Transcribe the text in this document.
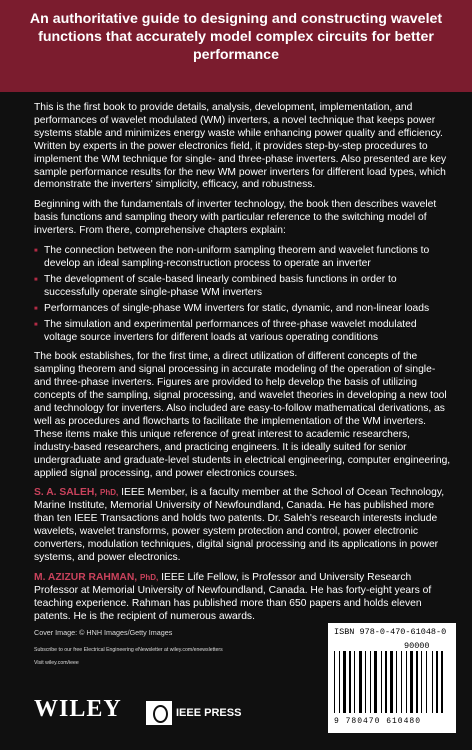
An authoritative guide to designing and constructing wavelet functions that accurately model complex circuits for better performance

This is the first book to provide details, analysis, development, implementation, and performances of wavelet modulated (WM) inverters, a novel technique that keeps power systems stable and minimizes energy waste while enhancing power quality and efficiency. Written by experts in the power electronics field, it provides step-by-step procedures to implement the WM technique for single- and three-phase inverters. Also presented are key sample performance results for the new WM power inverters for different load types, which demonstrate the inverters' simplicity, efficacy, and robustness.

Beginning with the fundamentals of inverter technology, the book then describes wavelet basis functions and sampling theory with particular reference to the switching model of inverters. From there, comprehensive chapters explain:

■ The connection between the non-uniform sampling theorem and wavelet functions to develop an ideal sampling-reconstruction process to operate an inverter
■ The development of scale-based linearly combined basis functions in order to successfully operate single-phase WM inverters
■ Performances of single-phase WM inverters for static, dynamic, and non-linear loads
■ The simulation and experimental performances of three-phase wavelet modulated voltage source inverters for different loads at various operating conditions

The book establishes, for the first time, a direct utilization of different concepts of the sampling theorem and signal processing in accurate modeling of the operation of single- and three-phase inverters. Figures are provided to help develop the basis of utilizing concepts of the sampling, signal processing, and wavelet theories in developing a new tool and technology for inverters. Also included are easy-to-follow mathematical derivations, as well as procedures and flowcharts to facilitate the implementation of the WM inverters. These items make this unique reference of great interest to academic researchers, industry-based researchers, and practicing engineers. It is ideally suited for senior undergraduate and graduate-level students in electrical engineering, computer engineering, applied signal processing, and power electronics courses.

S. A. SALEH, PhD, IEEE Member, is a faculty member at the School of Ocean Technology, Marine Institute, Memorial University of Newfoundland, Canada. He has published more than ten IEEE Transactions and holds two patents. Dr. Saleh's research interests include wavelets, wavelet transforms, power system protection and control, power electronic converters, modulation techniques, digital signal processing and its applications in power systems, and power electronics.

M. AZIZUR RAHMAN, PhD, IEEE Life Fellow, is Professor and University Research Professor at Memorial University of Newfoundland, Canada. He has forty-eight years of teaching experience. Rahman has published more than 650 papers and holds eleven patents. He is the recipient of numerous awards.

Cover Image: © HNH Images/Getty Images
Subscribe to our free Electrical Engineering eNewsletter at wiley.com/enewsletters
Visit wiley.com/ieee
WILEY	IEEE PRESS
ISBN 978-0-470-61048-0
90000
9 780470 610480
